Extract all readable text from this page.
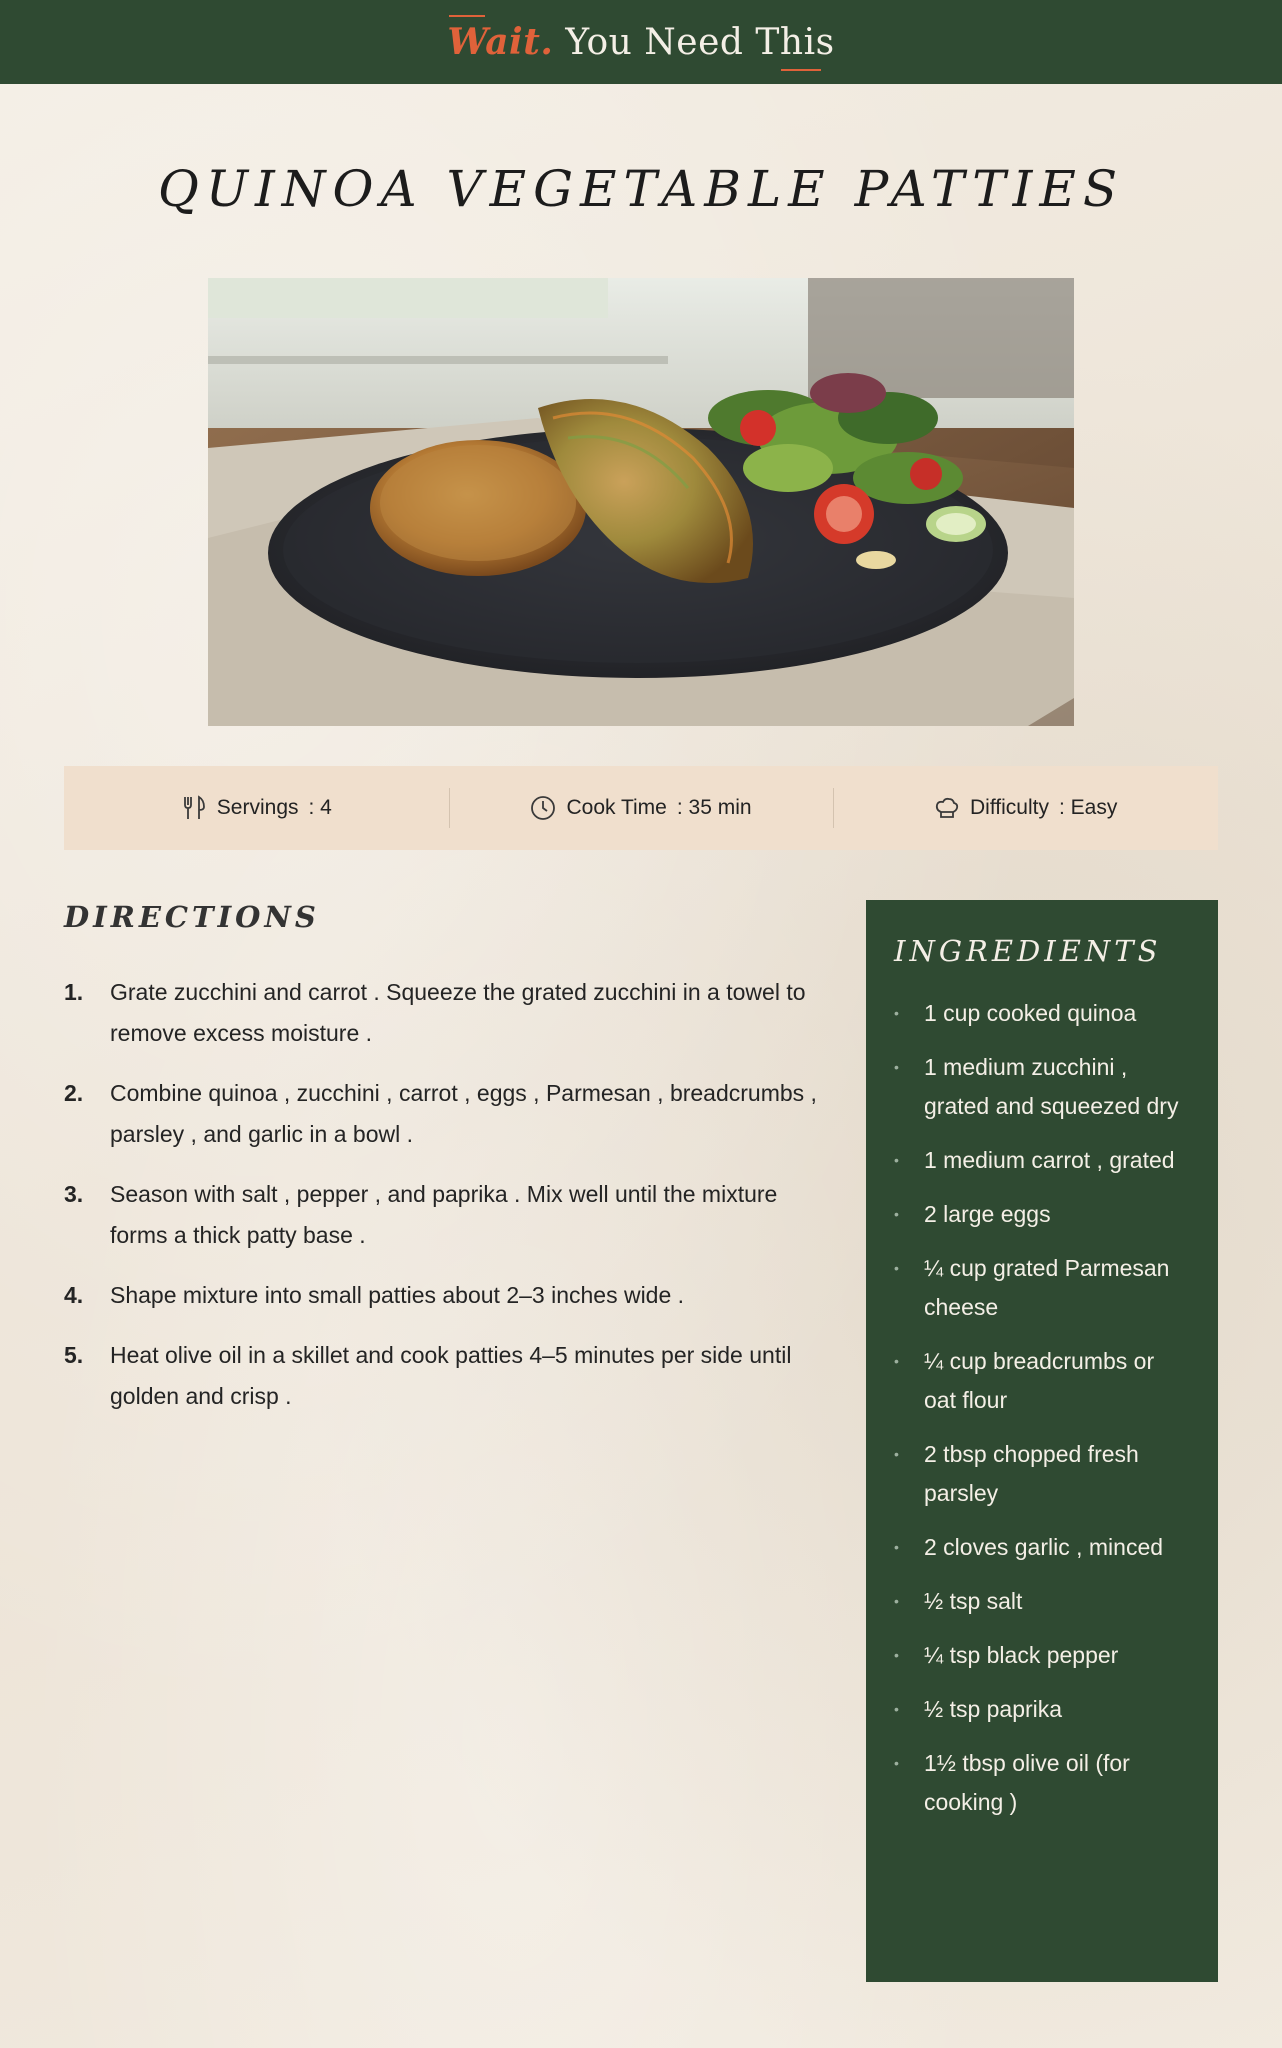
Wait. You Need This
QUINOA VEGETABLE PATTIES
Servings : 4	Cook Time : 35 min	Difficulty : Easy
DIRECTIONS
1.	Grate zucchini and carrot . Squeeze the grated zucchini in a towel to remove excess moisture .
2.	Combine quinoa , zucchini , carrot , eggs , Parmesan , breadcrumbs , parsley , and garlic in a bowl .
3.	Season with salt , pepper , and paprika . Mix well until the mixture forms a thick patty base .
4.	Shape mixture into small patties about 2–3 inches wide .
5.	Heat olive oil in a skillet and cook patties 4–5 minutes per side until golden and crisp .
INGREDIENTS
•	1 cup cooked quinoa
•	1 medium zucchini , grated and squeezed dry
•	1 medium carrot , grated
•	2 large eggs
•	¼ cup grated Parmesan cheese
•	¼ cup breadcrumbs or oat flour
•	2 tbsp chopped fresh parsley
•	2 cloves garlic , minced
•	½ tsp salt
•	¼ tsp black pepper
•	½ tsp paprika
•	1½ tbsp olive oil (for cooking )
